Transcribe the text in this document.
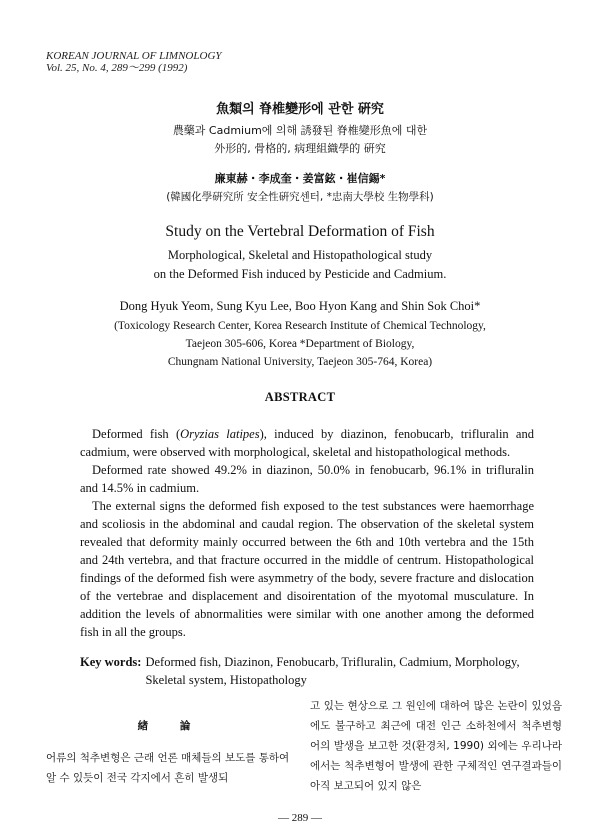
KOREAN JOURNAL OF LIMNOLOGY
Vol. 25, No. 4, 289～299 (1992)
魚類의 脊椎變形에 관한 硏究
農藥과 Cadmium에 의해 誘發된 脊椎變形魚에 대한
外形的, 骨格的, 病理組織學的 硏究
廉東赫・李成奎・姜富鉉・崔信錫*
(韓國化學硏究所 安全性硏究센터, *忠南大學校 生物學科)
Study on the Vertebral Deformation of Fish
Morphological, Skeletal and Histopathological study
on the Deformed Fish induced by Pesticide and Cadmium.
Dong Hyuk Yeom, Sung Kyu Lee, Boo Hyon Kang and Shin Sok Choi*
(Toxicology Research Center, Korea Research Institute of Chemical Technology,
Taejeon 305-606, Korea *Department of Biology,
Chungnam National University, Taejeon 305-764, Korea)
ABSTRACT

Deformed fish (Oryzias latipes), induced by diazinon, fenobucarb, trifluralin and cadmium, were observed with morphological, skeletal and histopathological methods.

Deformed rate showed 49.2% in diazinon, 50.0% in fenobucarb, 96.1% in trifluralin and 14.5% in cadmium.

The external signs the deformed fish exposed to the test substances were haemorrhage and scoliosis in the abdominal and caudal region. The observation of the skeletal system revealed that deformity mainly occurred between the 6th and 10th vertebra and the 15th and 24th vertebra, and that fracture occurred in the middle of centrum. Histopathological findings of the deformed fish were asymmetry of the body, severe fracture and dislocation of the vertebrae and displacement and disoirentation of the myotomal musculature. In addition the levels of abnormalities were similar with one another among the deformed fish in all the groups.

Key words: Deformed fish, Diazinon, Fenobucarb, Trifluralin, Cadmium, Morphology, Skeletal system, Histopathology
緖 論

어류의 척추변형은 근래 언론 매체들의 보도를 통하여 알 수 있듯이 전국 각지에서 흔히 발생되

고 있는 현상으로 그 원인에 대하여 많은 논란이 있었음에도 불구하고 최근에 대전 인근 소하천에서 척추변형어의 발생을 보고한 것(환경처, 1990) 외에는 우리나라에서는 척추변형어 발생에 관한 구체적인 연구결과들이 아직 보고되어 있지 않은

— 289 —
